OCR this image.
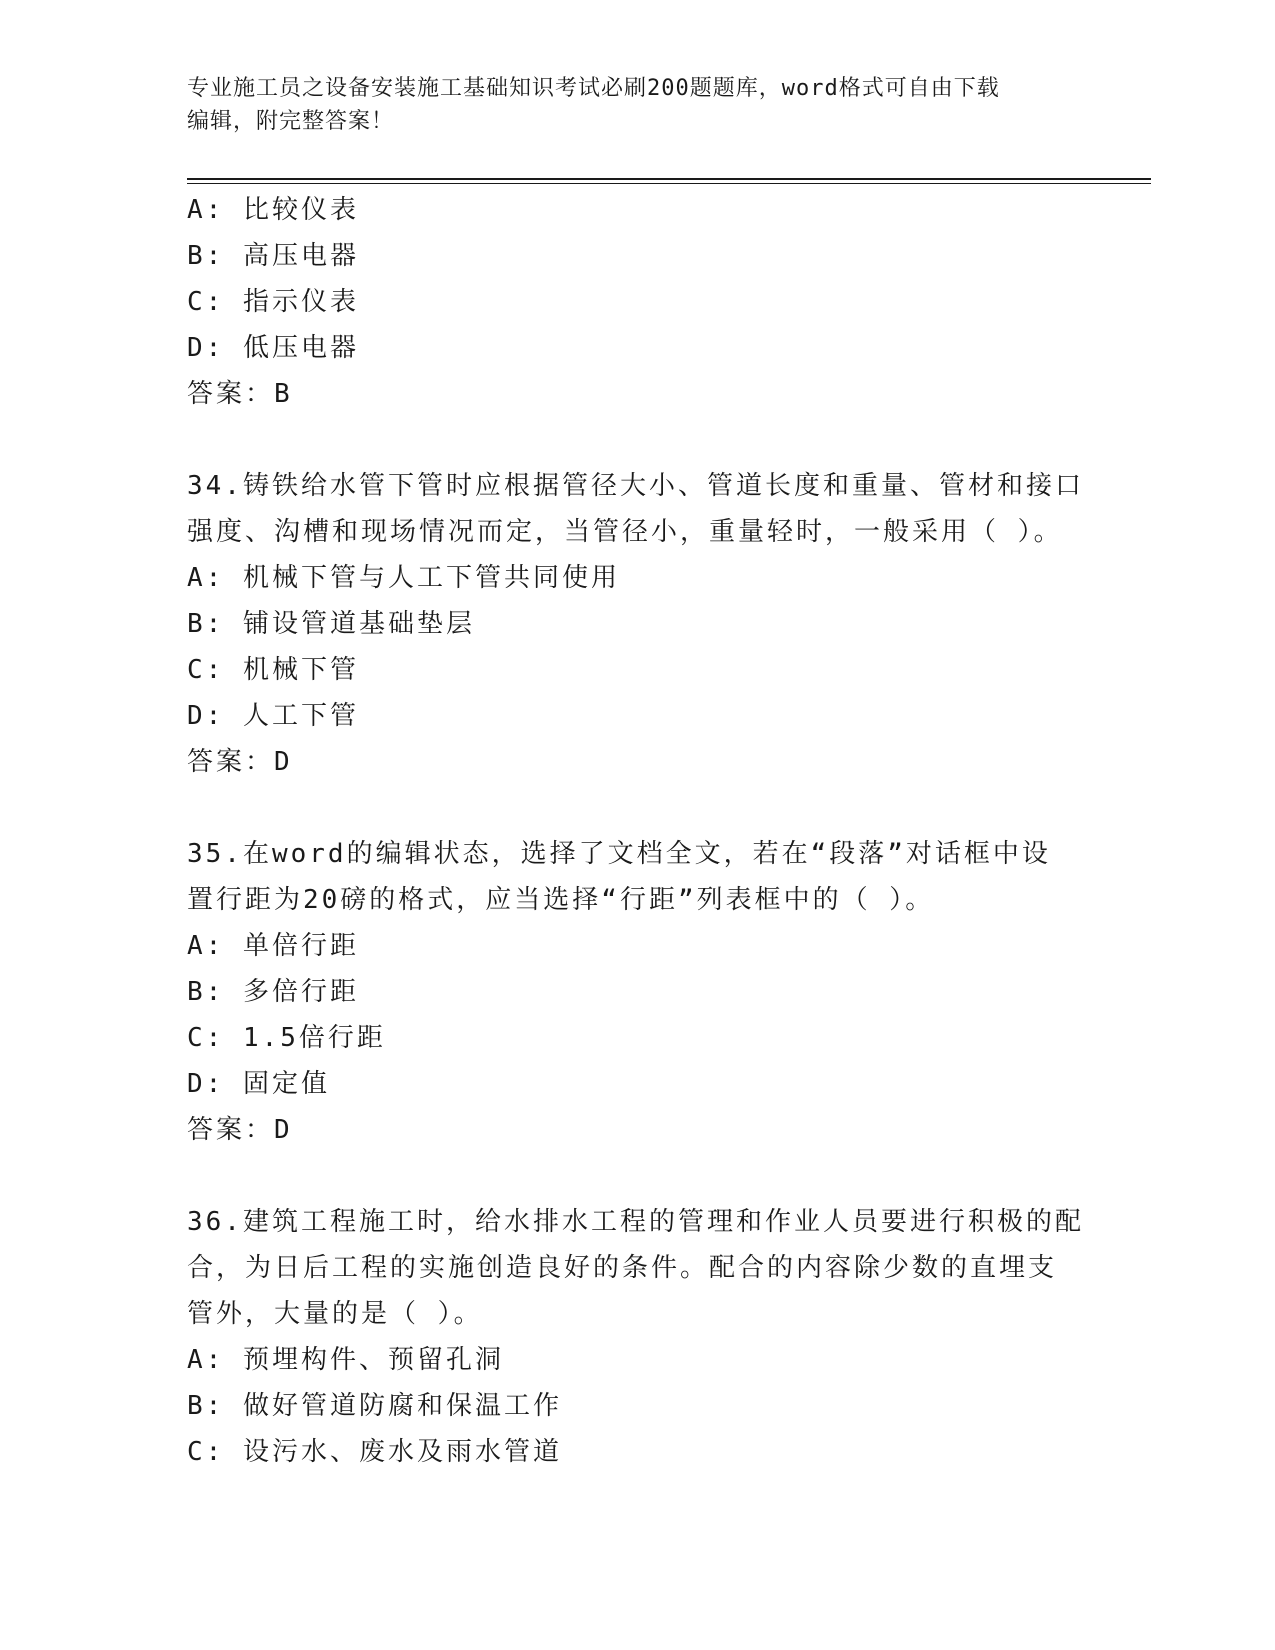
专业施工员之设备安装施工基础知识考试必刷200题题库，word格式可自由下载
编辑，附完整答案！
A: 比较仪表
B: 高压电器
C: 指示仪表
D: 低压电器
答案：B
34.铸铁给水管下管时应根据管径大小、管道长度和重量、管材和接口
强度、沟槽和现场情况而定，当管径小，重量轻时，一般采用（ ）。
A: 机械下管与人工下管共同使用
B: 铺设管道基础垫层
C: 机械下管
D: 人工下管
答案：D
35.在word的编辑状态，选择了文档全文，若在“段落”对话框中设
置行距为20磅的格式，应当选择“行距”列表框中的（ ）。
A: 单倍行距
B: 多倍行距
C: 1.5倍行距
D: 固定值
答案：D
36.建筑工程施工时，给水排水工程的管理和作业人员要进行积极的配
合，为日后工程的实施创造良好的条件。配合的内容除少数的直埋支
管外，大量的是（ ）。
A: 预埋构件、预留孔洞
B: 做好管道防腐和保温工作
C: 设污水、废水及雨水管道
